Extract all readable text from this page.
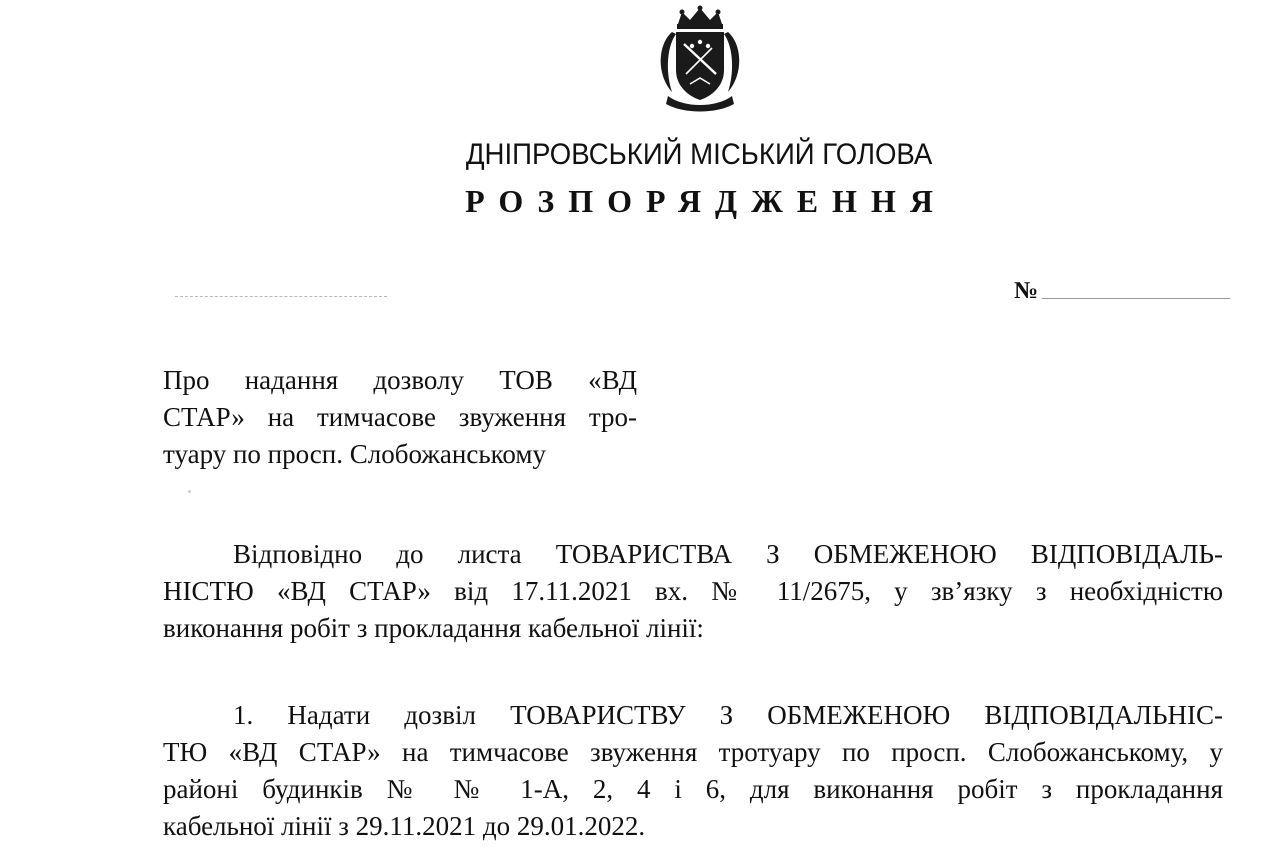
ДНІПРОВСЬКИЙ МІСЬКИЙ ГОЛОВА
РОЗПОРЯДЖЕННЯ
№
Про надання дозволу ТОВ «ВД
СТАР» на тимчасове звуження тро-
туару по просп. Слобожанському
Відповідно до листа ТОВАРИСТВА З ОБМЕЖЕНОЮ ВІДПОВІДАЛЬ-
НІСТЮ «ВД СТАР» від 17.11.2021 вх. № 11/2675, у зв’язку з необхідністю
виконання робіт з прокладання кабельної лінії:
1. Надати дозвіл ТОВАРИСТВУ З ОБМЕЖЕНОЮ ВІДПОВІДАЛЬНІС-
ТЮ «ВД СТАР» на тимчасове звуження тротуару по просп. Слобожанському, у
районі будинків № № 1-А, 2, 4 і 6, для виконання робіт з прокладання
кабельної лінії з 29.11.2021 до 29.01.2022.
